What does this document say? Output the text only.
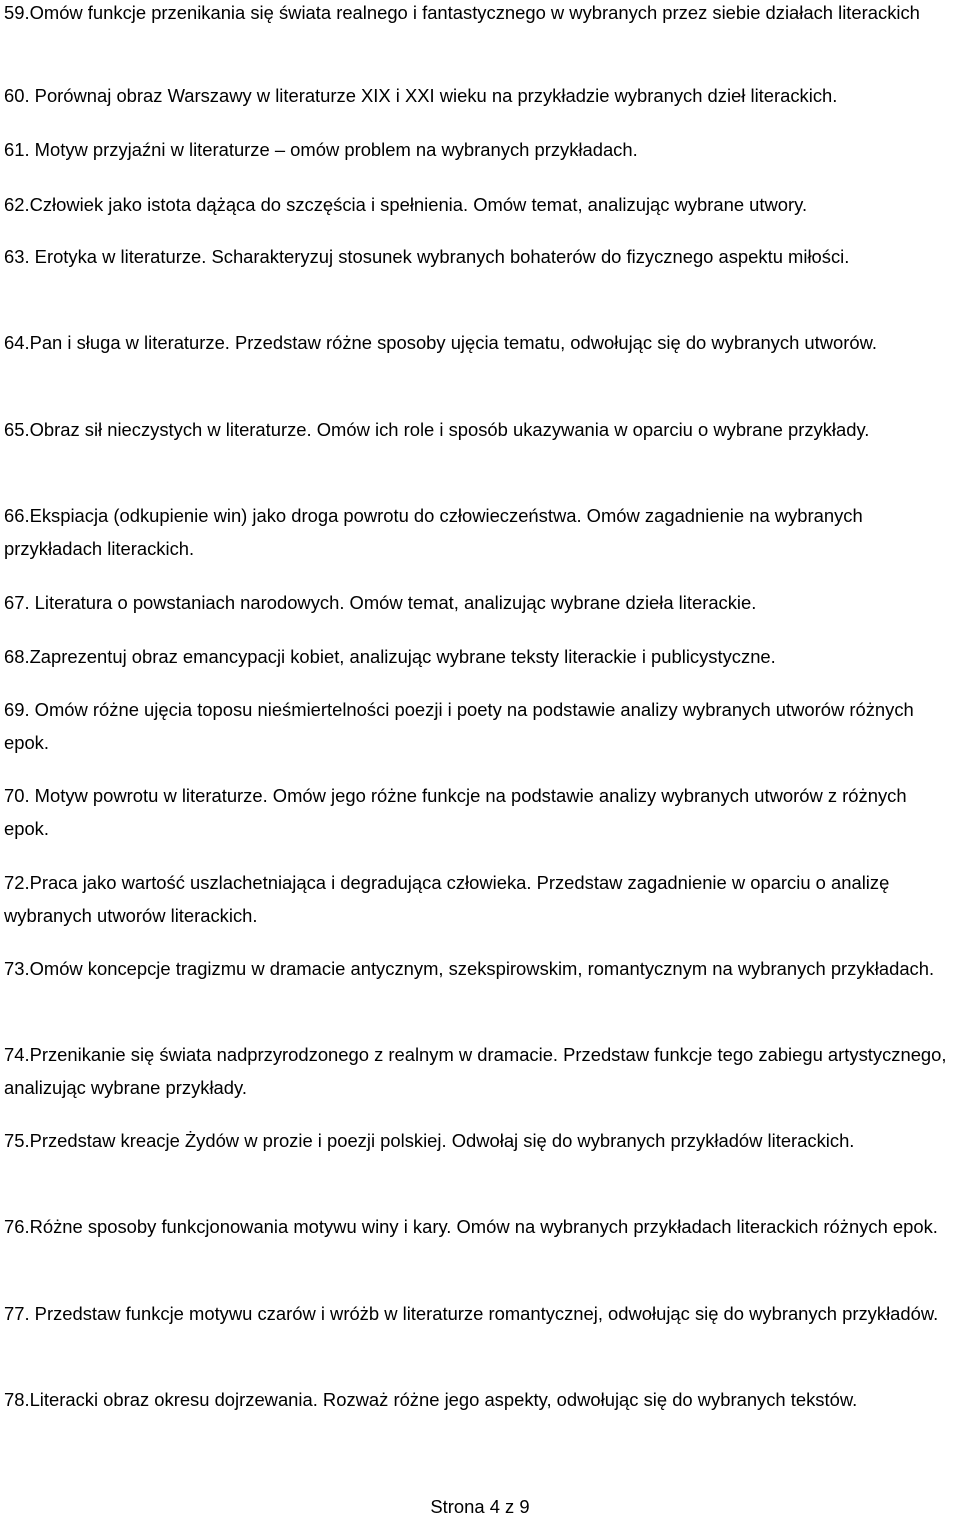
59.Omów funkcje przenikania się świata realnego i fantastycznego w wybranych przez siebie działach literackich

60. Porównaj obraz Warszawy w literaturze XIX i XXI wieku na przykładzie wybranych dzieł literackich.

61. Motyw przyjaźni w literaturze – omów problem na wybranych przykładach.

62.Człowiek jako istota dążąca do szczęścia i spełnienia. Omów temat, analizując wybrane utwory.

63. Erotyka w literaturze. Scharakteryzuj stosunek wybranych bohaterów do fizycznego aspektu miłości.

64.Pan i sługa w literaturze. Przedstaw różne sposoby ujęcia tematu, odwołując się do wybranych utworów.

65.Obraz sił nieczystych w literaturze. Omów ich role i sposób ukazywania w oparciu o wybrane przykłady.

66.Ekspiacja (odkupienie win) jako droga powrotu do człowieczeństwa. Omów zagadnienie na wybranych przykładach literackich.

67. Literatura o powstaniach narodowych. Omów temat, analizując wybrane dzieła literackie.

68.Zaprezentuj obraz emancypacji kobiet, analizując wybrane teksty literackie i publicystyczne.

69. Omów różne ujęcia toposu nieśmiertelności poezji i poety na podstawie analizy wybranych utworów różnych epok.

70. Motyw powrotu w literaturze. Omów jego różne funkcje na podstawie analizy wybranych utworów z różnych epok.

72.Praca jako wartość uszlachetniająca i degradująca człowieka. Przedstaw zagadnienie w oparciu o analizę wybranych utworów literackich.

73.Omów koncepcje tragizmu w dramacie antycznym, szekspirowskim, romantycznym na wybranych przykładach.

74.Przenikanie się świata nadprzyrodzonego z realnym w dramacie. Przedstaw funkcje tego zabiegu artystycznego, analizując wybrane przykłady.

75.Przedstaw kreacje Żydów w prozie i poezji polskiej. Odwołaj się do wybranych przykładów literackich.

76.Różne sposoby funkcjonowania motywu winy i kary. Omów na wybranych przykładach literackich różnych epok.

77. Przedstaw funkcje motywu czarów i wróżb w literaturze romantycznej, odwołując się do wybranych przykładów.

78.Literacki obraz okresu dojrzewania. Rozważ różne jego aspekty, odwołując się do wybranych tekstów.

Strona 4 z 9
